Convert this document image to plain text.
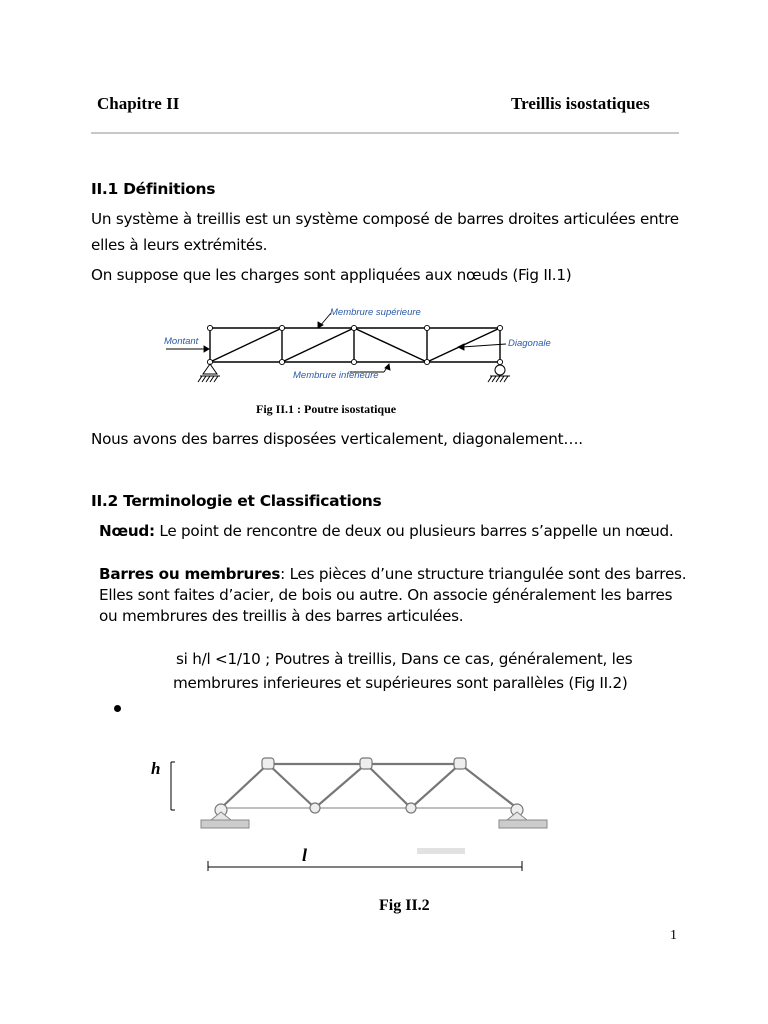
Chapitre II	Treillis isostatiques
II.1 Définitions
Un système à treillis est un système composé de barres droites articulées entre
elles à leurs extrémités.
On suppose que les charges sont appliquées aux nœuds (Fig II.1)
Membrure supérieure
Montant	Diagonale
Membrure inférieure
Fig II.1 : Poutre isostatique
Nous avons des barres disposées verticalement, diagonalement….
II.2 Terminologie et Classifications
Nœud: Le point de rencontre de deux ou plusieurs barres s’appelle un nœud.
Barres ou membrures: Les pièces d’une structure triangulée sont des barres.
Elles sont faites d’acier, de bois ou autre. On associe généralement les barres
ou membrures des treillis à des barres articulées.
si h/l <1/10 ; Poutres à treillis, Dans ce cas, généralement, les
membrures inferieures et supérieures sont parallèles (Fig II.2)
h
l
Fig II.2
1
